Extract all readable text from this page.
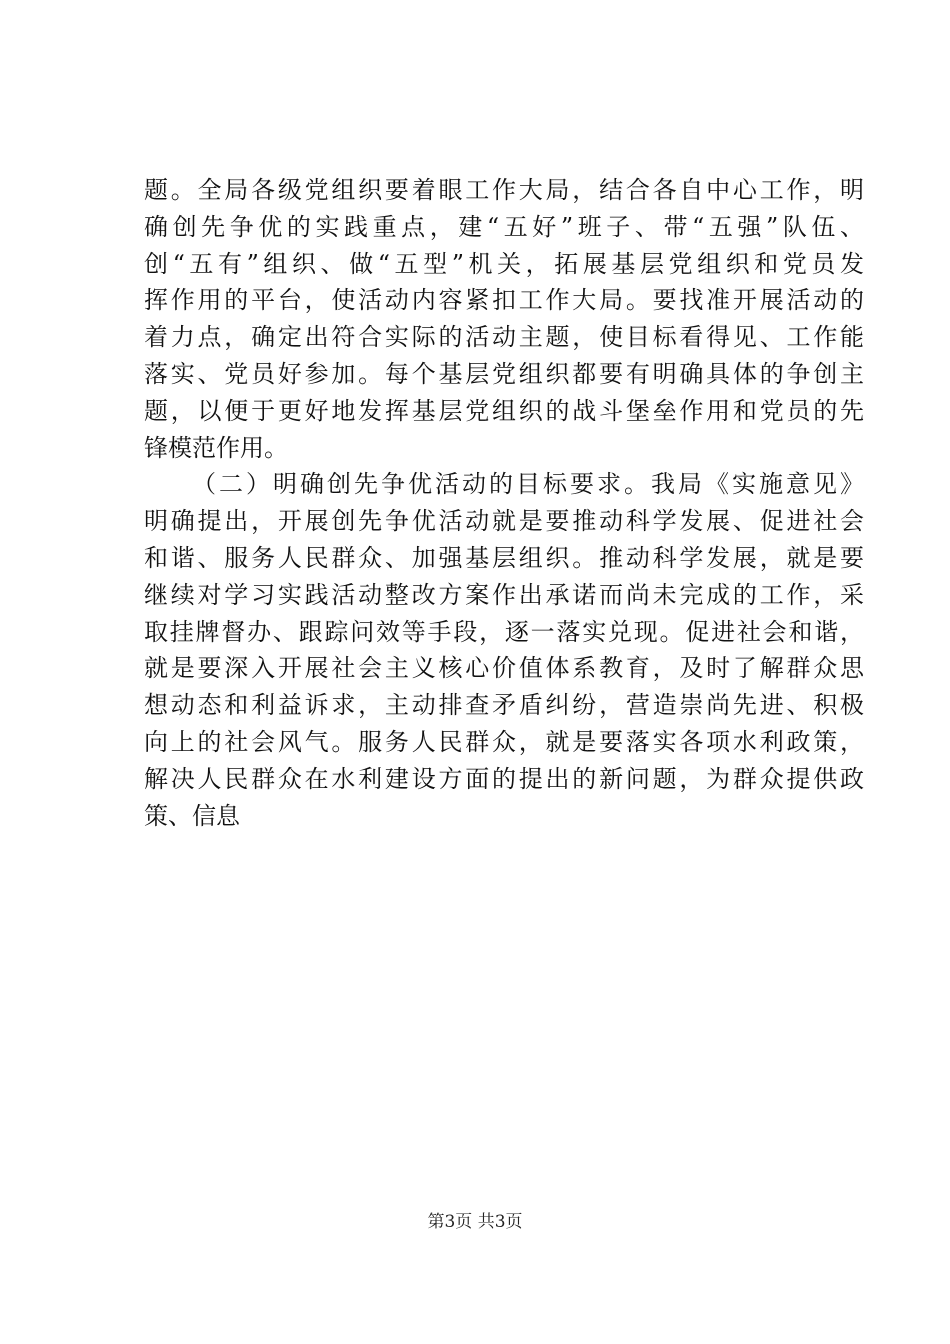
题。全局各级党组织要着眼工作大局，结合各自中心工作，明
确创先争优的实践重点，建“五好”班子、带“五强”队伍、
创“五有”组织、做“五型”机关，拓展基层党组织和党员发
挥作用的平台，使活动内容紧扣工作大局。要找准开展活动的
着力点，确定出符合实际的活动主题，使目标看得见、工作能
落实、党员好参加。每个基层党组织都要有明确具体的争创主
题，以便于更好地发挥基层党组织的战斗堡垒作用和党员的先
锋模范作用。
（二）明确创先争优活动的目标要求。我局《实施意见》
明确提出，开展创先争优活动就是要推动科学发展、促进社会
和谐、服务人民群众、加强基层组织。推动科学发展，就是要
继续对学习实践活动整改方案作出承诺而尚未完成的工作，采
取挂牌督办、跟踪问效等手段，逐一落实兑现。促进社会和谐，
就是要深入开展社会主义核心价值体系教育，及时了解群众思
想动态和利益诉求，主动排查矛盾纠纷，营造崇尚先进、积极
向上的社会风气。服务人民群众，就是要落实各项水利政策，
解决人民群众在水利建设方面的提出的新问题，为群众提供政
策、信息
第3页 共3页
